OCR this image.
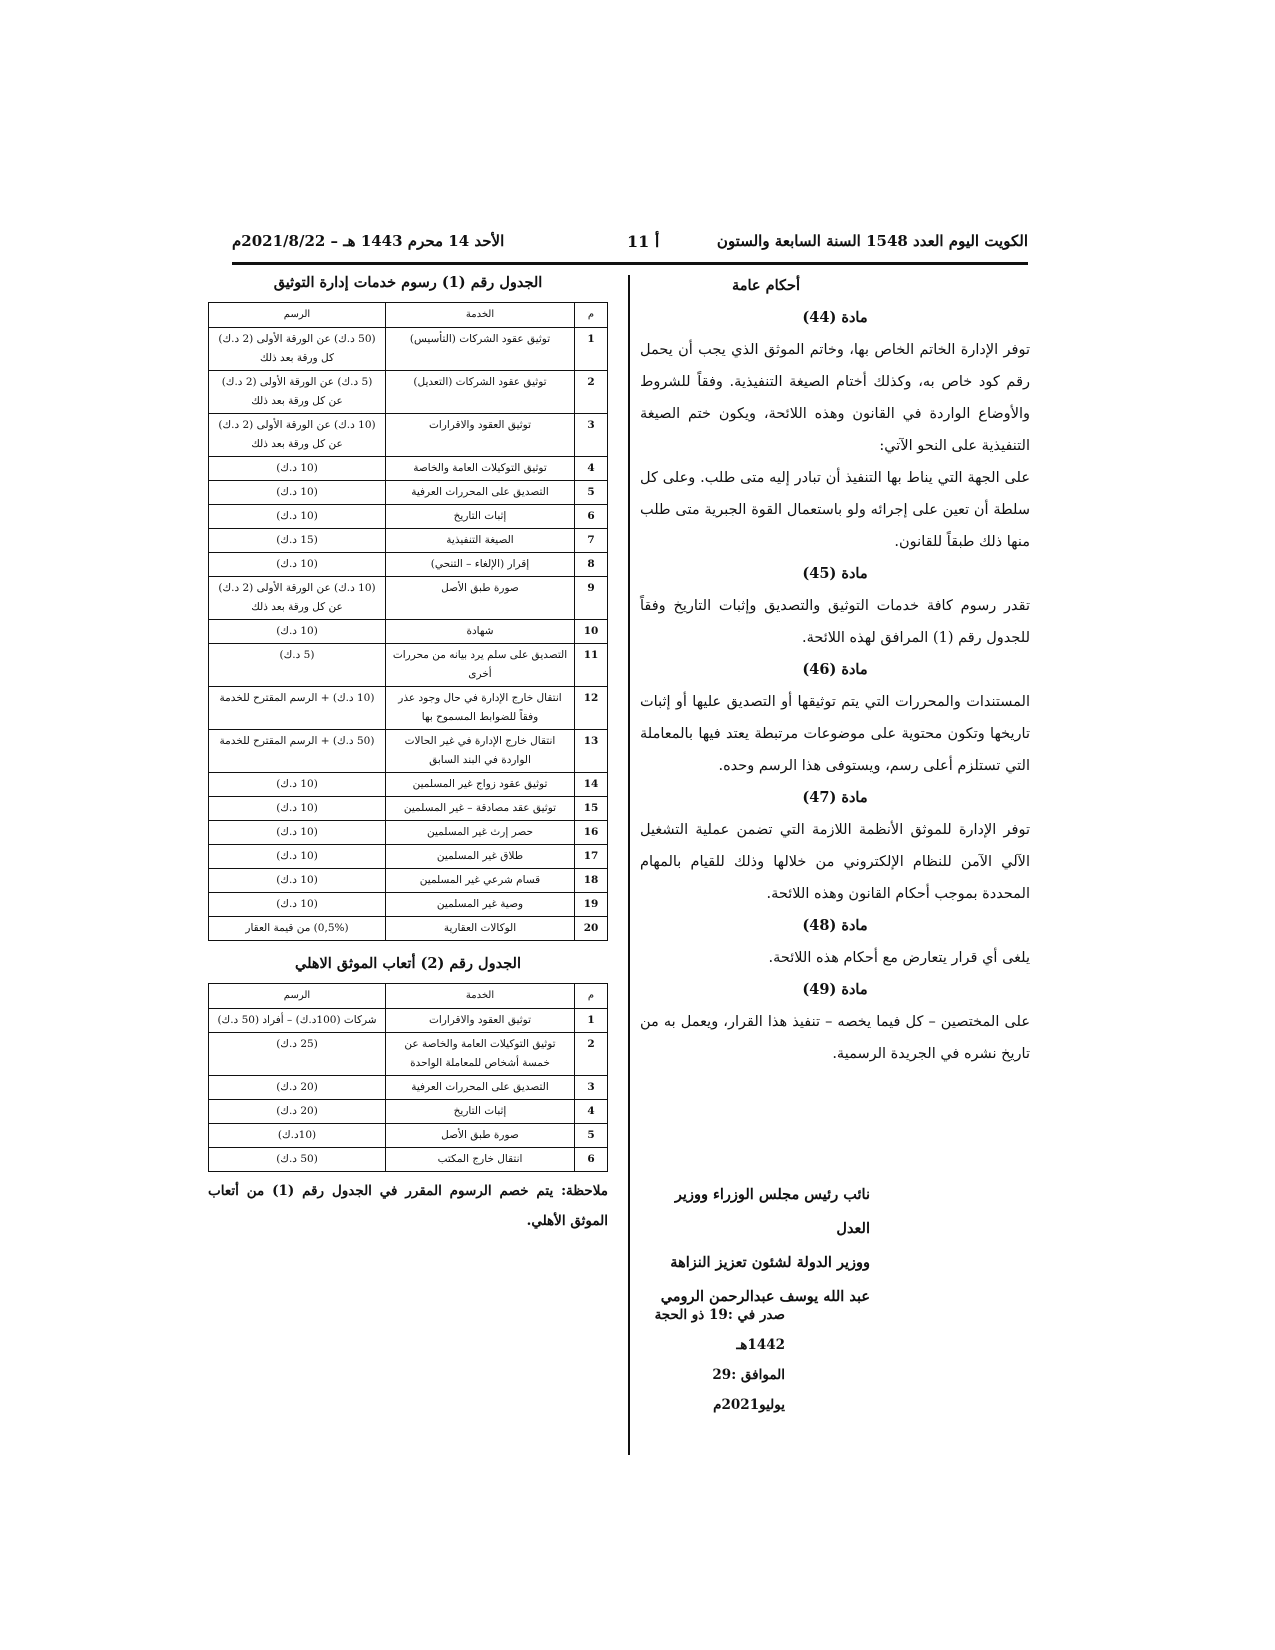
الكويت اليوم العدد 1548 السنة السابعة والستون
أ 11
الأحد 14 محرم 1443 هـ – 2021/8/22م
أحكام عامة
مادة (44)

توفر الإدارة الخاتم الخاص بها، وخاتم الموثق الذي يجب أن يحمل رقم كود خاص به، وكذلك أختام الصيغة التنفيذية. وفقاً للشروط والأوضاع الواردة في القانون وهذه اللائحة، ويكون ختم الصيغة التنفيذية على النحو الآتي:

على الجهة التي يناط بها التنفيذ أن تبادر إليه متى طلب. وعلى كل سلطة أن تعين على إجرائه ولو باستعمال القوة الجبرية متى طلب منها ذلك طبقاً للقانون.

مادة (45)

تقدر رسوم كافة خدمات التوثيق والتصديق وإثبات التاريخ وفقاً للجدول رقم (1) المرافق لهذه اللائحة.

مادة (46)

المستندات والمحررات التي يتم توثيقها أو التصديق عليها أو إثبات تاريخها وتكون محتوية على موضوعات مرتبطة يعتد فيها بالمعاملة التي تستلزم أعلى رسم، ويستوفى هذا الرسم وحده.

مادة (47)

توفر الإدارة للموثق الأنظمة اللازمة التي تضمن عملية التشغيل الآلي الآمن للنظام الإلكتروني من خلالها وذلك للقيام بالمهام المحددة بموجب أحكام القانون وهذه اللائحة.

مادة (48)

يلغى أي قرار يتعارض مع أحكام هذه اللائحة.

مادة (49)

على المختصين – كل فيما يخصه – تنفيذ هذا القرار، ويعمل به من تاريخ نشره في الجريدة الرسمية.

نائب رئيس مجلس الوزراء ووزير العدل
ووزير الدولة لشئون تعزيز النزاهة
عبد الله يوسف عبدالرحمن الرومي
صدر في :19 ذو الحجة 1442هـ
الموافق :29 يوليو2021م
الجدول رقم (1) رسوم خدمات إدارة التوثيق
م	الخدمة	الرسم
1	توثيق عقود الشركات (التأسيس)	(50 د.ك) عن الورقة الأولى (2 د.ك) كل ورقة بعد ذلك
2	توثيق عقود الشركات (التعديل)	(5 د.ك) عن الورقة الأولى (2 د.ك) عن كل ورقة بعد ذلك
3	توثيق العقود والاقرارات	(10 د.ك) عن الورقة الأولى (2 د.ك) عن كل ورقة بعد ذلك
4	توثيق التوكيلات العامة والخاصة	(10 د.ك)
5	التصديق على المحررات العرفية	(10 د.ك)
6	إثبات التاريخ	(10 د.ك)
7	الصيغة التنفيذية	(15 د.ك)
8	إقرار (الإلغاء – التنحي)	(10 د.ك)
9	صورة طبق الأصل	(10 د.ك) عن الورقة الأولى (2 د.ك) عن كل ورقة بعد ذلك
10	شهادة	(10 د.ك)
11	التصديق على سلم يرد بيانه من محررات أخرى	(5 د.ك)
12	انتقال خارج الإدارة في حال وجود عذر وفقاً للضوابط المسموح بها	(10 د.ك) + الرسم المقترح للخدمة
13	انتقال خارج الإدارة في غير الحالات الواردة في البند السابق	(50 د.ك) + الرسم المقترح للخدمة
14	توثيق عقود زواج غير المسلمين	(10 د.ك)
15	توثيق عقد مصادقة – غير المسلمين	(10 د.ك)
16	حصر إرث غير المسلمين	(10 د.ك)
17	طلاق غير المسلمين	(10 د.ك)
18	قسام شرعي غير المسلمين	(10 د.ك)
19	وصية غير المسلمين	(10 د.ك)
20	الوكالات العقارية	(0,5%) من قيمة العقار
الجدول رقم (2) أتعاب الموثق الاهلي
م	الخدمة	الرسم
1	توثيق العقود والاقرارات	شركات (100د.ك) – أفراد (50 د.ك)
2	توثيق التوكيلات العامة والخاصة عن خمسة أشخاص للمعاملة الواحدة	(25 د.ك)
3	التصديق على المحررات العرفية	(20 د.ك)
4	إثبات التاريخ	(20 د.ك)
5	صورة طبق الأصل	(10د.ك)
6	انتقال خارج المكتب	(50 د.ك)
ملاحظة: يتم خصم الرسوم المقرر في الجدول رقم (1) من أتعاب الموثق الأهلي.
